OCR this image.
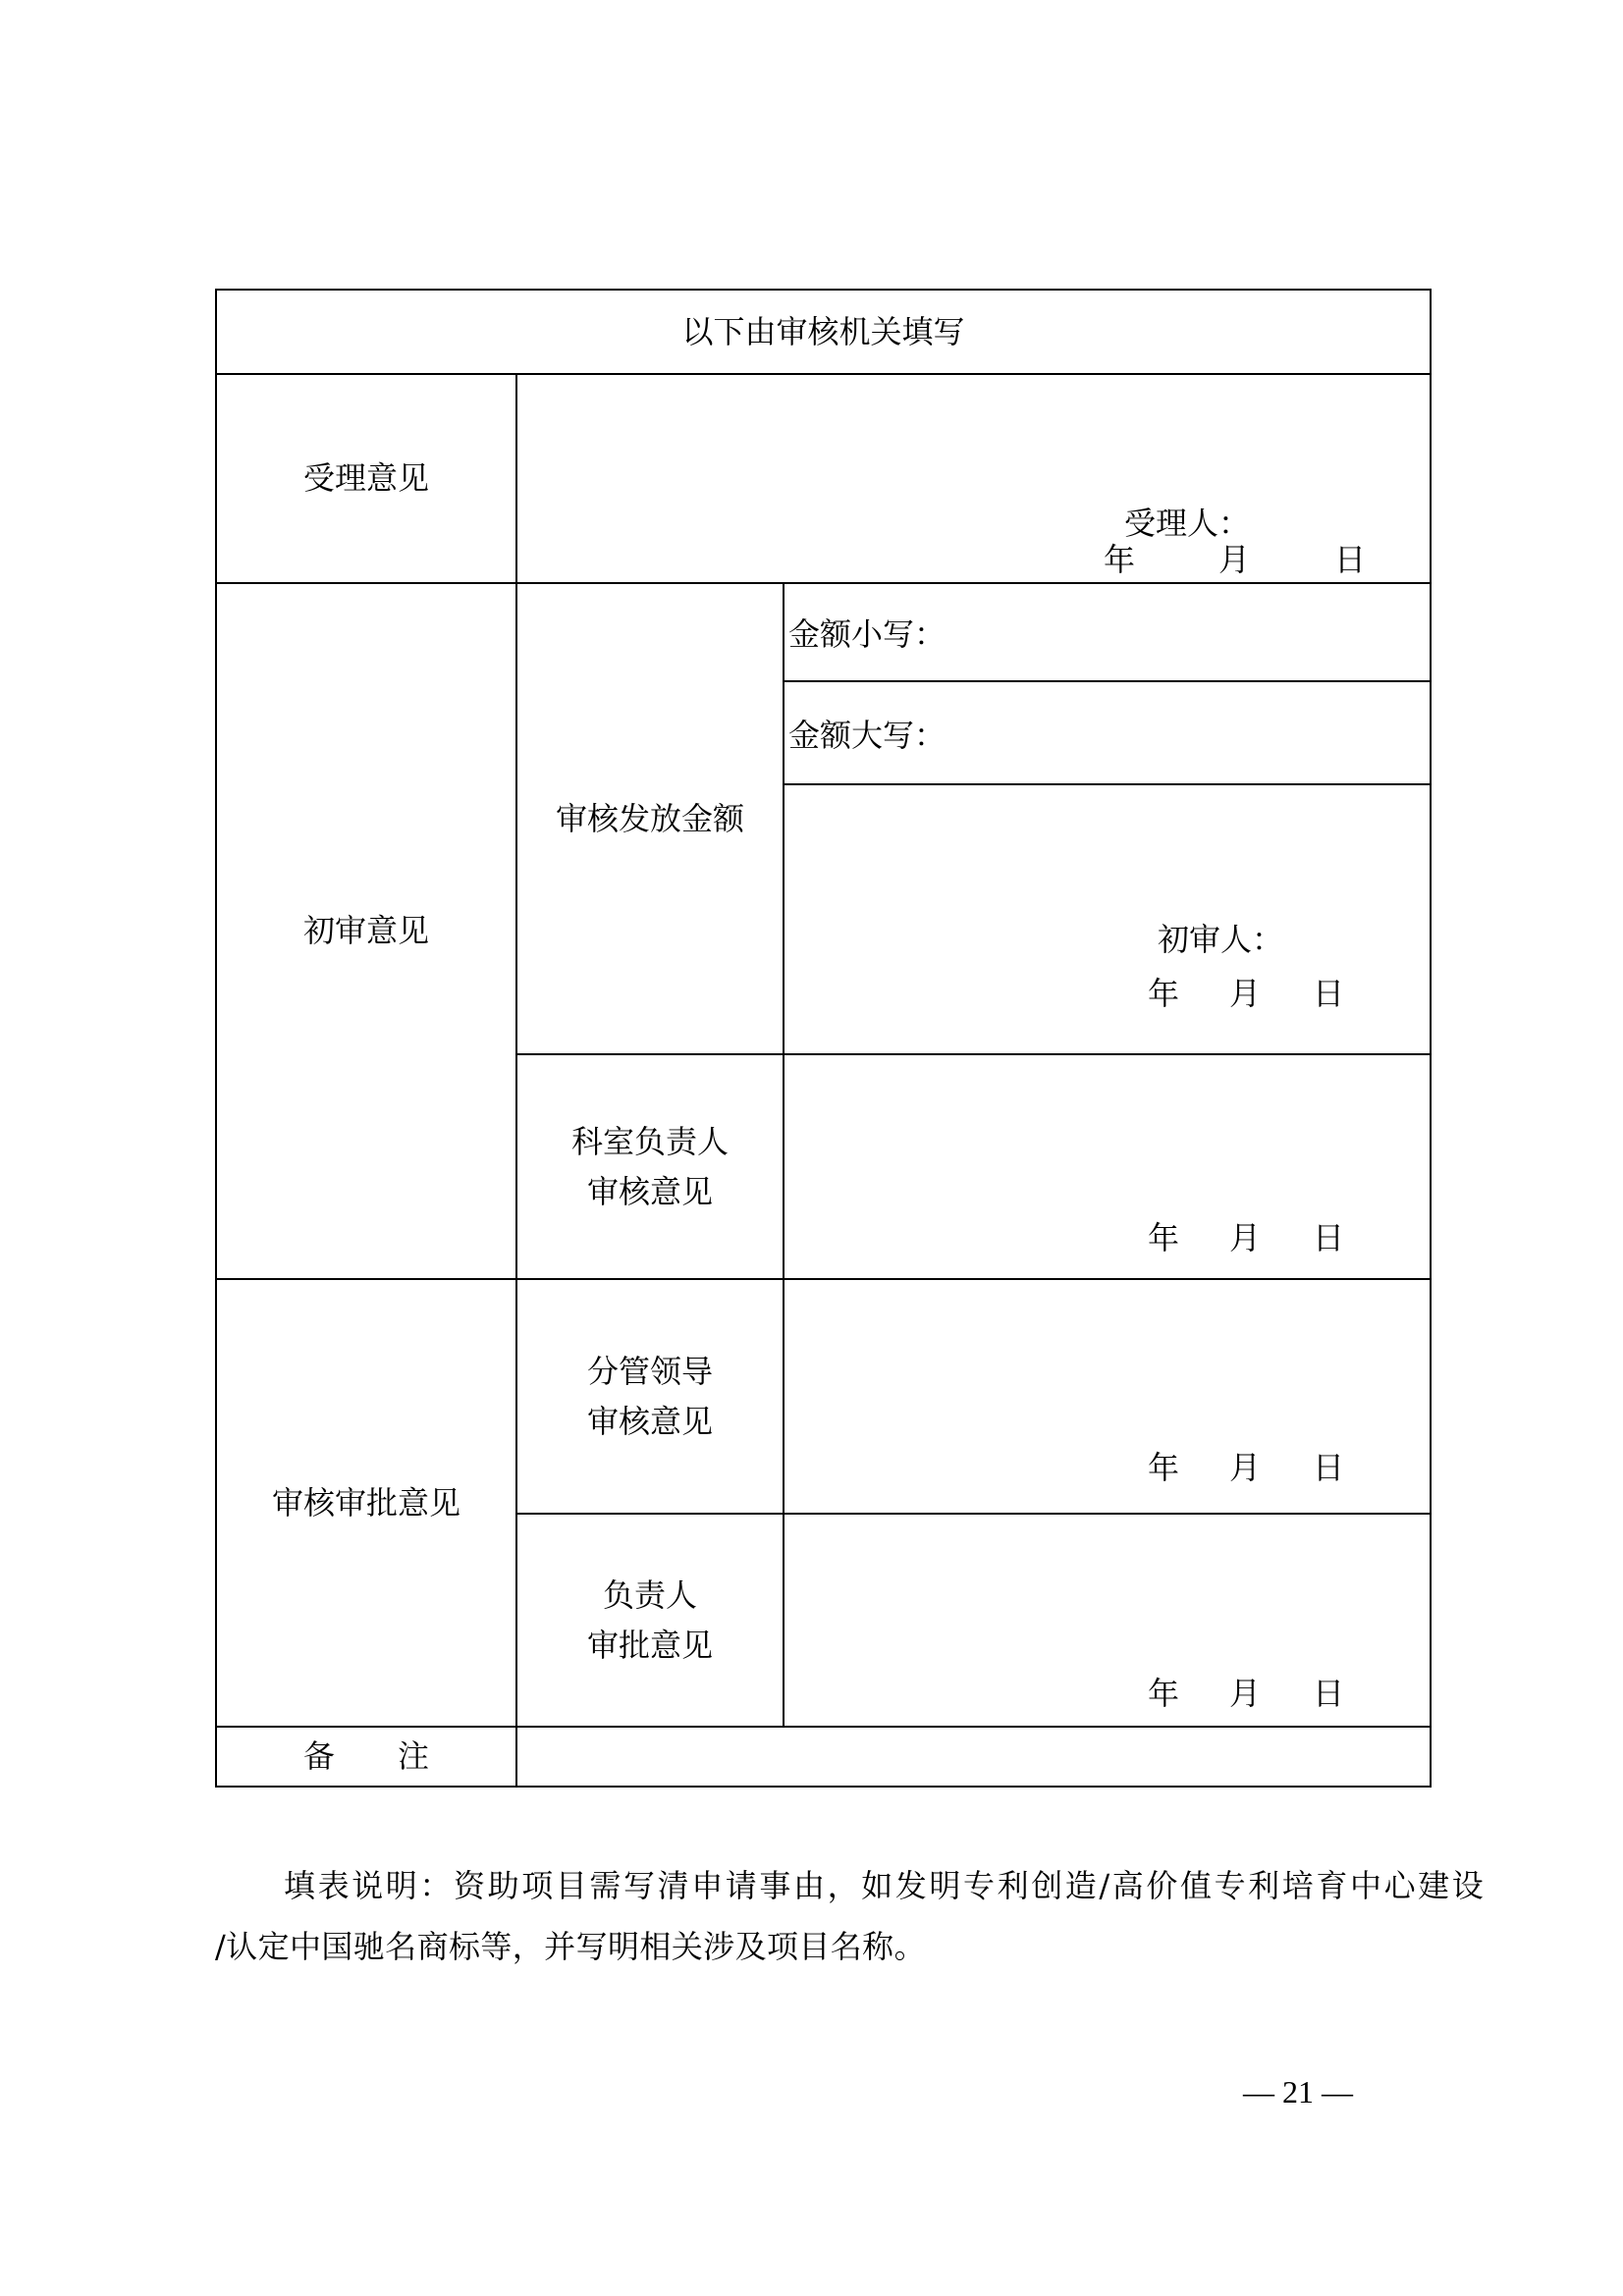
以下由审核机关填写
受理意见
受理人：
年	月	日
初审意见
审核发放金额
金额小写：
金额大写：
初审人：
年 月 日
科室负责人
审核意见
年 月 日
审核审批意见
分管领导
审核意见
年 月 日
负责人
审批意见
年 月 日
备　　注
填表说明：资助项目需写清申请事由，如发明专利创造/高价值专利培育中心建设
/认定中国驰名商标等，并写明相关涉及项目名称。
— 21 —
